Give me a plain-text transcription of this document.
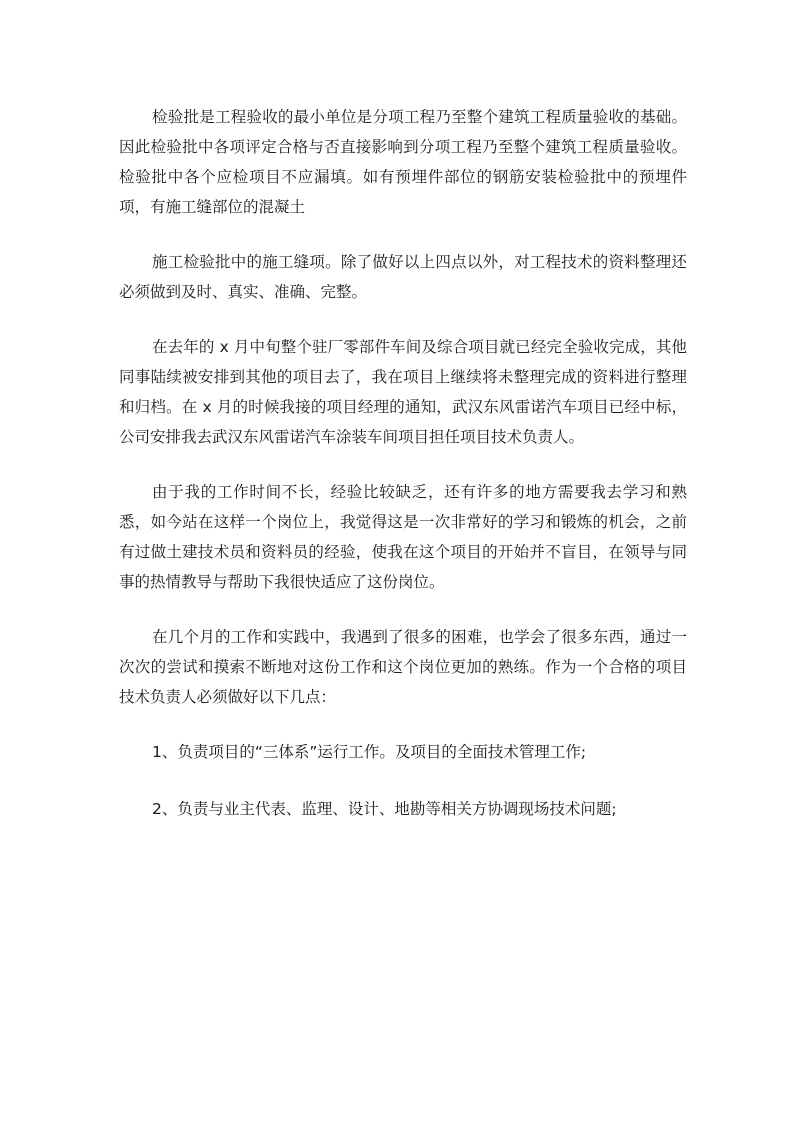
检验批是工程验收的最小单位是分项工程乃至整个建筑工程质量验收的基础。因此检验批中各项评定合格与否直接影响到分项工程乃至整个建筑工程质量验收。检验批中各个应检项目不应漏填。如有预埋件部位的钢筋安装检验批中的预埋件项，有施工缝部位的混凝土

施工检验批中的施工缝项。除了做好以上四点以外，对工程技术的资料整理还必须做到及时、真实、准确、完整。

在去年的 x 月中旬整个驻厂零部件车间及综合项目就已经完全验收完成，其他同事陆续被安排到其他的项目去了，我在项目上继续将未整理完成的资料进行整理和归档。在 x 月的时候我接的项目经理的通知，武汉东风雷诺汽车项目已经中标，公司安排我去武汉东风雷诺汽车涂装车间项目担任项目技术负责人。

由于我的工作时间不长，经验比较缺乏，还有许多的地方需要我去学习和熟悉，如今站在这样一个岗位上，我觉得这是一次非常好的学习和锻炼的机会，之前有过做土建技术员和资料员的经验，使我在这个项目的开始并不盲目，在领导与同事的热情教导与帮助下我很快适应了这份岗位。

在几个月的工作和实践中，我遇到了很多的困难，也学会了很多东西，通过一次次的尝试和摸索不断地对这份工作和这个岗位更加的熟练。作为一个合格的项目技术负责人必须做好以下几点：

1、负责项目的“三体系”运行工作。及项目的全面技术管理工作;

2、负责与业主代表、监理、设计、地勘等相关方协调现场技术问题;
